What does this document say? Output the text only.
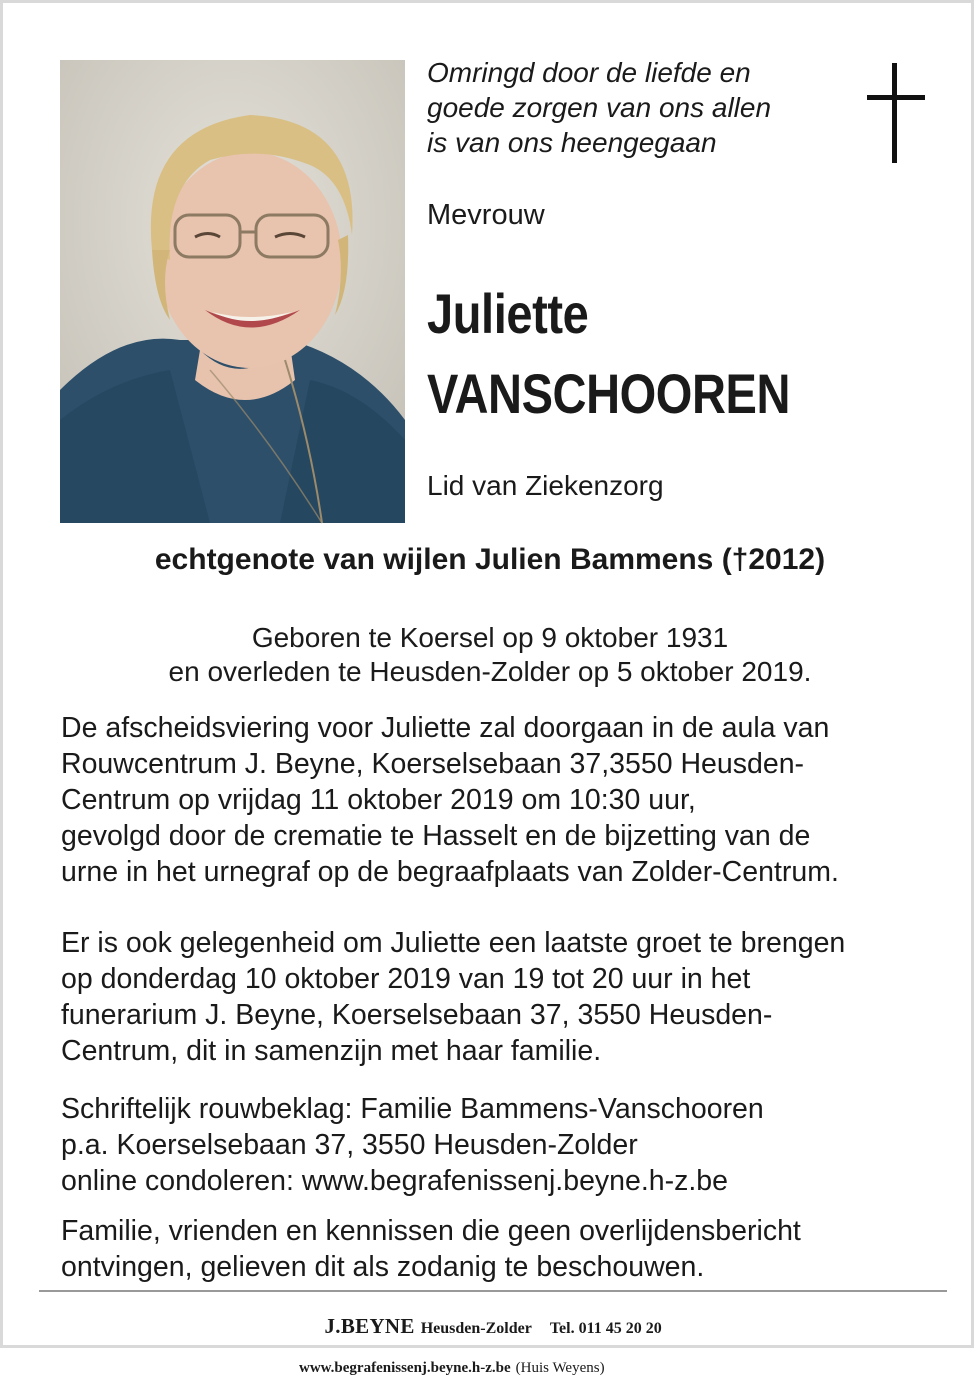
Omringd door de liefde en
goede zorgen van ons allen
is van ons heengegaan
Mevrouw
Juliette
VANSCHOOREN
Lid van Ziekenzorg
echtgenote van wijlen Julien Bammens (†2012)
Geboren te Koersel op 9 oktober 1931
en overleden te Heusden-Zolder op 5 oktober 2019.
De afscheidsviering voor Juliette zal doorgaan in de aula van
Rouwcentrum J. Beyne, Koerselsebaan 37,3550 Heusden-
Centrum op vrijdag 11 oktober 2019 om 10:30 uur,
gevolgd door de crematie te Hasselt en de bijzetting van de
urne in het urnegraf op de begraafplaats van Zolder-Centrum.
Er is ook gelegenheid om Juliette een laatste groet te brengen
op donderdag 10 oktober 2019 van 19 tot 20 uur in het
funerarium J. Beyne, Koerselsebaan 37, 3550 Heusden-
Centrum, dit in samenzijn met haar familie.
Schriftelijk rouwbeklag: Familie Bammens-Vanschooren
p.a. Koerselsebaan 37, 3550 Heusden-Zolder
online condoleren: www.begrafenissenj.beyne.h-z.be
Familie, vrienden en kennissen die geen overlijdensbericht
ontvingen, gelieven dit als zodanig te beschouwen.

J.BEYNE Heusden-Zolder Tel. 011 45 20 20

www.begrafenissenj.beyne.h-z.be (Huis Weyens)
